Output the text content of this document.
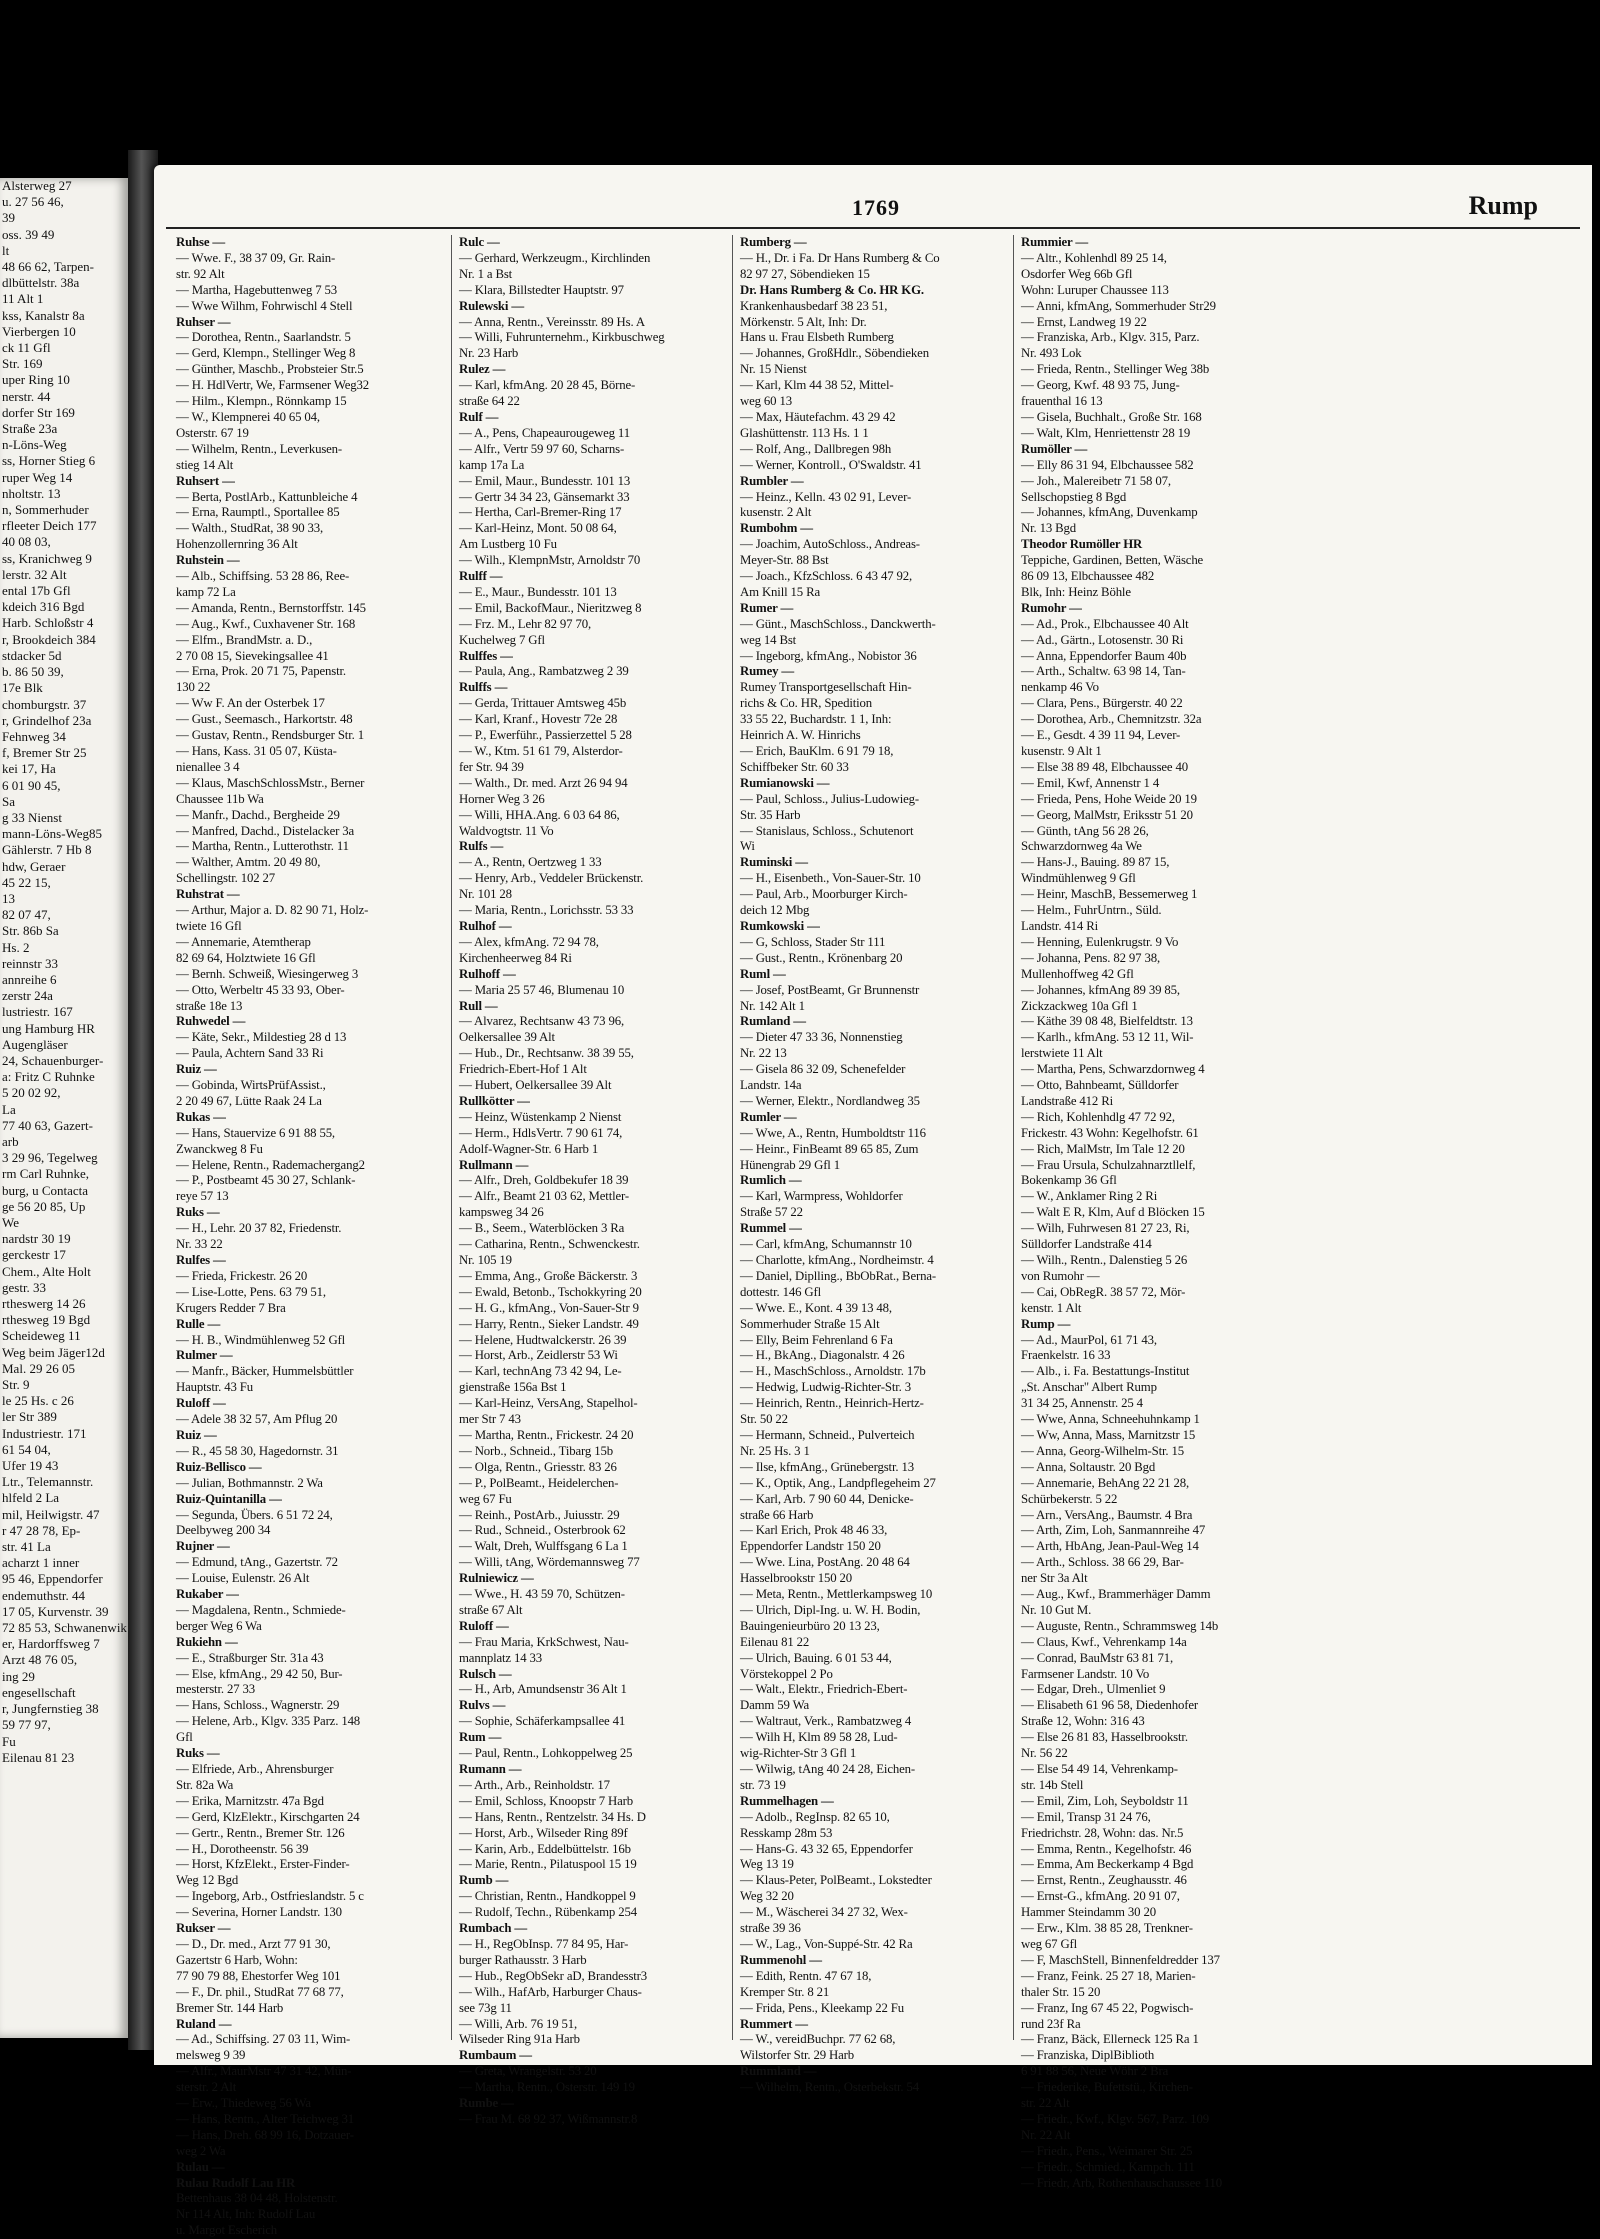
Alsterweg 27
u. 27 56 46,
39
oss. 39 49
lt
48 66 62, Tarpen-
dlbüttelstr. 38a
11 Alt 1
kss, Kanalstr 8a
Vierbergen 10
ck 11 Gfl
Str. 169
uper Ring 10
nerstr. 44
dorfer Str 169
Straße 23a
n-Löns-Weg
ss, Horner Stieg 6
ruper Weg 14
nholtstr. 13
n, Sommerhuder
rfleeter Deich 177
40 08 03,
ss, Kranichweg 9
lerstr. 32 Alt
ental 17b Gfl
kdeich 316 Bgd
Harb. Schloßstr 4
r, Brookdeich 384
stdacker 5d
b. 86 50 39,
17e Blk
chomburgstr. 37
r, Grindelhof 23a
Fehnweg 34
f, Bremer Str 25
kei 17, Ha
6 01 90 45,
Sa
g 33 Nienst
mann-Löns-Weg85
Gählerstr. 7 Hb 8
hdw, Geraer
45 22 15,
13
82 07 47,
Str. 86b Sa
Hs. 2
reinnstr 33
annreihe 6
zerstr 24a
lustriestr. 167
ung Hamburg HR
Augengläser
24, Schauenburger-
a: Fritz C Ruhnke
5 20 02 92,
La
77 40 63, Gazert-
arb
3 29 96, Tegelweg
rm Carl Ruhnke,
burg, u Contacta
ge 56 20 85, Up
We
nardstr 30 19
gerckestr 17
Chem., Alte Holt
gestr. 33
rtheswerg 14 26
rthesweg 19 Bgd
Scheideweg 11
Weg beim Jäger12d
Mal. 29 26 05
Str. 9
le 25 Hs. c 26
ler Str 389
Industriestr. 171
61 54 04,
Ufer 19 43
Ltr., Telemannstr.
hlfeld 2 La
mil, Heilwigstr. 47
r 47 28 78, Ep-
str. 41 La
acharzt 1 inner
95 46, Eppendorfer
endemuthstr. 44
17 05, Kurvenstr. 39
72 85 53, Schwanenwik
er, Hardorffsweg 7
Arzt 48 76 05,
ing 29
engesellschaft
r, Jungfernstieg 38
59 77 97,
Fu
Eilenau 81 23
1769	Rump
Ruhse —
— Wwe. F., 38 37 09, Gr. Rain-
str. 92 Alt
— Martha, Hagebuttenweg 7 53
— Wwe Wilhm, Fohrwischl 4 Stell
Ruhser —
— Dorothea, Rentn., Saarlandstr. 5
— Gerd, Klempn., Stellinger Weg 8
— Günther, Maschb., Probsteier Str.5
— H. HdlVertr, We, Farmsener Weg32
— Hilm., Klempn., Rönnkamp 15
— W., Klempnerei 40 65 04,
Osterstr. 67 19
— Wilhelm, Rentn., Leverkusen-
stieg 14 Alt
Ruhsert —
— Berta, PostlArb., Kattunbleiche 4
— Erna, Raumptl., Sportallee 85
— Walth., StudRat, 38 90 33,
Hohenzollernring 36 Alt
Ruhstein —
— Alb., Schiffsing. 53 28 86, Ree-
kamp 72 La
— Amanda, Rentn., Bernstorffstr. 145
— Aug., Kwf., Cuxhavener Str. 168
— Elfm., BrandMstr. a. D.,
2 70 08 15, Sievekingsallee 41
— Erna, Prok. 20 71 75, Papenstr.
130 22
— Ww F. An der Osterbek 17
— Gust., Seemasch., Harkortstr. 48
— Gustav, Rentn., Rendsburger Str. 1
— Hans, Kass. 31 05 07, Küsta-
nienallee 3 4
— Klaus, MaschSchlossMstr., Berner
Chaussee 11b Wa
— Manfr., Dachd., Bergheide 29
— Manfred, Dachd., Distelacker 3a
— Martha, Rentn., Lutterothstr. 11
— Walther, Amtm. 20 49 80,
Schellingstr. 102 27
Ruhstrat —
— Arthur, Major a. D. 82 90 71, Holz-
twiete 16 Gfl
— Annemarie, Atemtherap
82 69 64, Holztwiete 16 Gfl
— Bernh. Schweiß, Wiesingerweg 3
— Otto, Werbeltr 45 33 93, Ober-
straße 18e 13
Ruhwedel —
— Käte, Sekr., Mildestieg 28 d 13
— Paula, Achtern Sand 33 Ri
Ruiz —
— Gobinda, WirtsPrüfAssist.,
2 20 49 67, Lütte Raak 24 La
Rukas —
— Hans, Stauervize 6 91 88 55,
Zwanckweg 8 Fu
— Helene, Rentn., Rademachergang2
— P., Postbeamt 45 30 27, Schlank-
reye 57 13
Ruks —
— H., Lehr. 20 37 82, Friedenstr.
Nr. 33 22
Rulfes —
— Frieda, Frickestr. 26 20
— Lise-Lotte, Pens. 63 79 51,
Krugers Redder 7 Bra
Rulle —
— H. B., Windmühlenweg 52 Gfl
Rulmer —
— Manfr., Bäcker, Hummelsbüttler
Hauptstr. 43 Fu
Ruloff —
— Adele 38 32 57, Am Pflug 20
Ruiz —
— R., 45 58 30, Hagedornstr. 31
Ruiz-Bellisco —
— Julian, Bothmannstr. 2 Wa
Ruiz-Quintanilla —
— Segunda, Übers. 6 51 72 24,
Deelbyweg 200 34
Rujner —
— Edmund, tAng., Gazertstr. 72
— Louise, Eulenstr. 26 Alt
Rukaber —
— Magdalena, Rentn., Schmiede-
berger Weg 6 Wa
Rukiehn —
— E., Straßburger Str. 31a 43
— Else, kfmAng., 29 42 50, Bur-
mesterstr. 27 33
— Hans, Schloss., Wagnerstr. 29
— Helene, Arb., Klgv. 335 Parz. 148
Gfl
Ruks —
— Elfriede, Arb., Ahrensburger
Str. 82a Wa
— Erika, Marnitzstr. 47a Bgd
— Gerd, KlzElektr., Kirschgarten 24
— Gertr., Rentn., Bremer Str. 126
— H., Dorotheenstr. 56 39
— Horst, KfzElekt., Erster-Finder-
Weg 12 Bgd
— Ingeborg, Arb., Ostfrieslandstr. 5 c
— Severina, Horner Landstr. 130
Rukser —
— D., Dr. med., Arzt 77 91 30,
Gazertstr 6 Harb, Wohn:
77 90 79 88, Ehestorfer Weg 101
— F., Dr. phil., StudRat 77 68 77,
Bremer Str. 144 Harb
Ruland —
— Ad., Schiffsing. 27 03 11, Wim-
melsweg 9 39
— Alfr., MaurMstr 47 31 42, Mün-
sterstr. 2 Alt
— Erw., Thiedeweg 56 Wa
— Hans, Rentn., Alter Teichweg 31
— Hans, Dreh. 68 99 16, Dotzauer-
weg 2 Wa
Rulau —
Rulau Rudolf Lau HR
Bettenhaus 38 04 48, Holstenstr.
Nr 114 Alt, Inh: Rudolf Lau
u. Margot Escherich
Rulc —
— Gerhard, Werkzeugm., Kirchlinden
Nr. 1 a Bst
— Klara, Billstedter Hauptstr. 97
Rulewski —
— Anna, Rentn., Vereinsstr. 89 Hs. A
— Willi, Fuhrunternehm., Kirkbuschweg
Nr. 23 Harb
Rulez —
— Karl, kfmAng. 20 28 45, Börne-
straße 64 22
Rulf —
— A., Pens, Chapeaurougeweg 11
— Alfr., Vertr 59 97 60, Scharns-
kamp 17a La
— Emil, Maur., Bundesstr. 101 13
— Gertr 34 34 23, Gänsemarkt 33
— Hertha, Carl-Bremer-Ring 17
— Karl-Heinz, Mont. 50 08 64,
Am Lustberg 10 Fu
— Wilh., KlempnMstr, Arnoldstr 70
Rulff —
— E., Maur., Bundesstr. 101 13
— Emil, BackofMaur., Nieritzweg 8
— Frz. M., Lehr 82 97 70,
Kuchelweg 7 Gfl
Rulffes —
— Paula, Ang., Rambatzweg 2 39
Rulffs —
— Gerda, Trittauer Amtsweg 45b
— Karl, Kranf., Hovestr 72e 28
— P., Ewerführ., Passierzettel 5 28
— W., Ktm. 51 61 79, Alsterdor-
fer Str. 94 39
— Walth., Dr. med. Arzt 26 94 94
Horner Weg 3 26
— Willi, HHA.Ang. 6 03 64 86,
Waldvogtstr. 11 Vo
Rulfs —
— A., Rentn, Oertzweg 1 33
— Henry, Arb., Veddeler Brückenstr.
Nr. 101 28
— Maria, Rentn., Lorichsstr. 53 33
Rulhof —
— Alex, kfmAng. 72 94 78,
Kirchenheerweg 84 Ri
Rulhoff —
— Maria 25 57 46, Blumenau 10
Rull —
— Alvarez, Rechtsanw 43 73 96,
Oelkersallee 39 Alt
— Hub., Dr., Rechtsanw. 38 39 55,
Friedrich-Ebert-Hof 1 Alt
— Hubert, Oelkersallee 39 Alt
Rullkötter —
— Heinz, Wüstenkamp 2 Nienst
— Herm., HdlsVertr. 7 90 61 74,
Adolf-Wagner-Str. 6 Harb 1
Rullmann —
— Alfr., Dreh, Goldbekufer 18 39
— Alfr., Beamt 21 03 62, Mettler-
kampsweg 34 26
— B., Seem., Waterblöcken 3 Ra
— Catharina, Rentn., Schwenckestr.
Nr. 105 19
— Emma, Ang., Große Bäckerstr. 3
— Ewald, Betonb., Tschokkyring 20
— H. G., kfmAng., Von-Sauer-Str 9
— Harry, Rentn., Sieker Landstr. 49
— Helene, Hudtwalckerstr. 26 39
— Horst, Arb., Zeidlerstr 53 Wi
— Karl, technAng 73 42 94, Le-
gienstraße 156a Bst 1
— Karl-Heinz, VersAng, Stapelhol-
mer Str 7 43
— Martha, Rentn., Frickestr. 24 20
— Norb., Schneid., Tibarg 15b
— Olga, Rentn., Griesstr. 83 26
— P., PolBeamt., Heidelerchen-
weg 67 Fu
— Reinh., PostArb., Juiusstr. 29
— Rud., Schneid., Osterbrook 62
— Walt, Dreh, Wulffsgang 6 La 1
— Willi, tAng, Wördemannsweg 77
Rulniewicz —
— Wwe., H. 43 59 70, Schützen-
straße 67 Alt
Ruloff —
— Frau Maria, KrkSchwest, Nau-
mannplatz 14 33
Rulsch —
— H., Arb, Amundsenstr 36 Alt 1
Rulvs —
— Sophie, Schäferkampsallee 41
Rum —
— Paul, Rentn., Lohkoppelweg 25
Rumann —
— Arth., Arb., Reinholdstr. 17
— Emil, Schloss, Knoopstr 7 Harb
— Hans, Rentn., Rentzelstr. 34 Hs. D
— Horst, Arb., Wilseder Ring 89f
— Karin, Arb., Eddelbüttelstr. 16b
— Marie, Rentn., Pilatuspool 15 19
Rumb —
— Christian, Rentn., Handkoppel 9
— Rudolf, Techn., Rübenkamp 254
Rumbach —
— H., RegObInsp. 77 84 95, Har-
burger Rathausstr. 3 Harb
— Hub., RegObSekr aD, Brandesstr3
— Wilh., HafArb, Harburger Chaus-
see 73g 11
— Willi, Arb. 76 19 51,
Wilseder Ring 91a Harb
Rumbaum —
— Greta, Wrangelstr. 53 20
— Martha, Rentn., Osterstr. 149 19
Rumbe —
— Frau M. 68 92 37, Wißmannstr.8
Rumberg —
— H., Dr. i Fa. Dr Hans Rumberg & Co
82 97 27, Söbendieken 15
Dr. Hans Rumberg & Co. HR KG.
Krankenhausbedarf 38 23 51,
Mörkenstr. 5 Alt, Inh: Dr.
Hans u. Frau Elsbeth Rumberg
— Johannes, GroßHdlr., Söbendieken
Nr. 15 Nienst
— Karl, Klm 44 38 52, Mittel-
weg 60 13
— Max, Häutefachm. 43 29 42
Glashüttenstr. 113 Hs. 1 1
— Rolf, Ang., Dallbregen 98h
— Werner, Kontroll., O'Swaldstr. 41
Rumbler —
— Heinz., Kelln. 43 02 91, Lever-
kusenstr. 2 Alt
Rumbohm —
— Joachim, AutoSchloss., Andreas-
Meyer-Str. 88 Bst
— Joach., KfzSchloss. 6 43 47 92,
Am Knill 15 Ra
Rumer —
— Günt., MaschSchloss., Danckwerth-
weg 14 Bst
— Ingeborg, kfmAng., Nobistor 36
Rumey —
Rumey Transportgesellschaft Hin-
richs & Co. HR, Spedition
33 55 22, Buchardstr. 1 1, Inh:
Heinrich A. W. Hinrichs
— Erich, BauKlm. 6 91 79 18,
Schiffbeker Str. 60 33
Rumianowski —
— Paul, Schloss., Julius-Ludowieg-
Str. 35 Harb
— Stanislaus, Schloss., Schutenort
Wi
Ruminski —
— H., Eisenbeth., Von-Sauer-Str. 10
— Paul, Arb., Moorburger Kirch-
deich 12 Mbg
Rumkowski —
— G, Schloss, Stader Str 111
— Gust., Rentn., Krönenbarg 20
Ruml —
— Josef, PostBeamt, Gr Brunnenstr
Nr. 142 Alt 1
Rumland —
— Dieter 47 33 36, Nonnenstieg
Nr. 22 13
— Gisela 86 32 09, Schenefelder
Landstr. 14a
— Werner, Elektr., Nordlandweg 35
Rumler —
— Wwe, A., Rentn, Humboldtstr 116
— Heinr., FinBeamt 89 65 85, Zum
Hünengrab 29 Gfl 1
Rumlich —
— Karl, Warmpress, Wohldorfer
Straße 57 22
Rummel —
— Carl, kfmAng, Schumannstr 10
— Charlotte, kfmAng., Nordheimstr. 4
— Daniel, Diplling., BbObRat., Berna-
dottestr. 146 Gfl
— Wwe. E., Kont. 4 39 13 48,
Sommerhuder Straße 15 Alt
— Elly, Beim Fehrenland 6 Fa
— H., BkAng., Diagonalstr. 4 26
— H., MaschSchloss., Arnoldstr. 17b
— Hedwig, Ludwig-Richter-Str. 3
— Heinrich, Rentn., Heinrich-Hertz-
Str. 50 22
— Hermann, Schneid., Pulverteich
Nr. 25 Hs. 3 1
— Ilse, kfmAng., Grünebergstr. 13
— K., Optik, Ang., Landpflegeheim 27
— Karl, Arb. 7 90 60 44, Denicke-
straße 66 Harb
— Karl Erich, Prok 48 46 33,
Eppendorfer Landstr 150 20
— Wwe. Lina, PostAng. 20 48 64
Hasselbrookstr 150 20
— Meta, Rentn., Mettlerkampsweg 10
— Ulrich, Dipl-Ing. u. W. H. Bodin,
Bauingenieurbüro 20 13 23,
Eilenau 81 22
— Ulrich, Bauing. 6 01 53 44,
Vörstekoppel 2 Po
— Walt., Elektr., Friedrich-Ebert-
Damm 59 Wa
— Waltraut, Verk., Rambatzweg 4
— Wilh H, Klm 89 58 28, Lud-
wig-Richter-Str 3 Gfl 1
— Wilwig, tAng 40 24 28, Eichen-
str. 73 19
Rummelhagen —
— Adolb., RegInsp. 82 65 10,
Resskamp 28m 53
— Hans-G. 43 32 65, Eppendorfer
Weg 13 19
— Klaus-Peter, PolBeamt., Lokstedter
Weg 32 20
— M., Wäscherei 34 27 32, Wex-
straße 39 36
— W., Lag., Von-Suppé-Str. 42 Ra
Rummenohl —
— Edith, Rentn. 47 67 18,
Kremper Str. 8 21
— Frida, Pens., Kleekamp 22 Fu
Rummert —
— W., vereidBuchpr. 77 62 68,
Wilstorfer Str. 29 Harb
Rummland —
— Wilhelm, Rentn., Osterbekstr. 54
Rummier —
— Altr., Kohlenhdl 89 25 14,
Osdorfer Weg 66b Gfl
Wohn: Luruper Chaussee 113
— Anni, kfmAng, Sommerhuder Str29
— Ernst, Landweg 19 22
— Franziska, Arb., Klgv. 315, Parz.
Nr. 493 Lok
— Frieda, Rentn., Stellinger Weg 38b
— Georg, Kwf. 48 93 75, Jung-
frauenthal 16 13
— Gisela, Buchhalt., Große Str. 168
— Walt, Klm, Henriettenstr 28 19
Rumöller —
— Elly 86 31 94, Elbchaussee 582
— Joh., Malereibetr 71 58 07,
Sellschopstieg 8 Bgd
— Johannes, kfmAng, Duvenkamp
Nr. 13 Bgd
Theodor Rumöller HR
Teppiche, Gardinen, Betten, Wäsche
86 09 13, Elbchaussee 482
Blk, Inh: Heinz Böhle
Rumohr —
— Ad., Prok., Elbchaussee 40 Alt
— Ad., Gärtn., Lotosenstr. 30 Ri
— Anna, Eppendorfer Baum 40b
— Arth., Schaltw. 63 98 14, Tan-
nenkamp 46 Vo
— Clara, Pens., Bürgerstr. 40 22
— Dorothea, Arb., Chemnitzstr. 32a
— E., Gesdt. 4 39 11 94, Lever-
kusenstr. 9 Alt 1
— Else 38 89 48, Elbchaussee 40
— Emil, Kwf, Annenstr 1 4
— Frieda, Pens, Hohe Weide 20 19
— Georg, MalMstr, Eriksstr 51 20
— Günth, tAng 56 28 26,
Schwarzdornweg 4a We
— Hans-J., Bauing. 89 87 15,
Windmühlenweg 9 Gfl
— Heinr, MaschB, Bessemerweg 1
— Helm., FuhrUntrn., Süld.
Landstr. 414 Ri
— Henning, Eulenkrugstr. 9 Vo
— Johanna, Pens. 82 97 38,
Mullenhoffweg 42 Gfl
— Johannes, kfmAng 89 39 85,
Zickzackweg 10a Gfl 1
— Käthe 39 08 48, Bielfeldtstr. 13
— Karlh., kfmAng. 53 12 11, Wil-
lerstwiete 11 Alt
— Martha, Pens, Schwarzdornweg 4
— Otto, Bahnbeamt, Sülldorfer
Landstraße 412 Ri
— Rich, Kohlenhdlg 47 72 92,
Frickestr. 43 Wohn: Kegelhofstr. 61
— Rich, MalMstr, Im Tale 12 20
— Frau Ursula, Schulzahnarztllelf,
Bokenkamp 36 Gfl
— W., Anklamer Ring 2 Ri
— Walt E R, Klm, Auf d Blöcken 15
— Wilh, Fuhrwesen 81 27 23, Ri,
Sülldorfer Landstraße 414
— Wilh., Rentn., Dalenstieg 5 26
von Rumohr —
— Cai, ObRegR. 38 57 72, Mör-
kenstr. 1 Alt
Rump —
— Ad., MaurPol, 61 71 43,
Fraenkelstr. 16 33
— Alb., i. Fa. Bestattungs-Institut
„St. Anschar" Albert Rump
31 34 25, Annenstr. 25 4
— Wwe, Anna, Schneehuhnkamp 1
— Ww, Anna, Mass, Marnitzstr 15
— Anna, Georg-Wilhelm-Str. 15
— Anna, Soltaustr. 20 Bgd
— Annemarie, BehAng 22 21 28,
Schürbekerstr. 5 22
— Arn., VersAng., Baumstr. 4 Bra
— Arth, Zim, Loh, Sanmannreihe 47
— Arth, HbAng, Jean-Paul-Weg 14
— Arth., Schloss. 38 66 29, Bar-
ner Str 3a Alt
— Aug., Kwf., Brammerhäger Damm
Nr. 10 Gut M.
— Auguste, Rentn., Schrammsweg 14b
— Claus, Kwf., Vehrenkamp 14a
— Conrad, BauMstr 63 81 71,
Farmsener Landstr. 10 Vo
— Edgar, Dreh., Ulmenliet 9
— Elisabeth 61 96 58, Diedenhofer
Straße 12, Wohn: 316 43
— Else 26 81 83, Hasselbrookstr.
Nr. 56 22
— Else 54 49 14, Vehrenkamp-
str. 14b Stell
— Emil, Zim, Loh, Seyboldstr 11
— Emil, Transp 31 24 76,
Friedrichstr. 28, Wohn: das. Nr.5
— Emma, Rentn., Kegelhofstr. 46
— Emma, Am Beckerkamp 4 Bgd
— Ernst, Rentn., Zeughausstr. 46
— Ernst-G., kfmAng. 20 91 07,
Hammer Steindamm 30 20
— Erw., Klm. 38 85 28, Trenkner-
weg 67 Gfl
— F, MaschStell, Binnenfeldredder 137
— Franz, Feink. 25 27 18, Marien-
thaler Str. 15 20
— Franz, Ing 67 45 22, Pogwisch-
rund 23f Ra
— Franz, Bäck, Ellerneck 125 Ra 1
— Franziska, DiplBiblioth
6 91 88 56, Neue Wöhr 2 Bra
— Friederike, Bufettstü., Kirchen-
str. 22 Alt
— Friedr., Kwf., Klgv. 567, Parz. 109
Nr. 22 Alt
— Friedr., Pens., Weimarer Str. 25
— Friedr., Schmied., Kampch. 111
— Friedr, Arb, Rothenhauschaussee 110
